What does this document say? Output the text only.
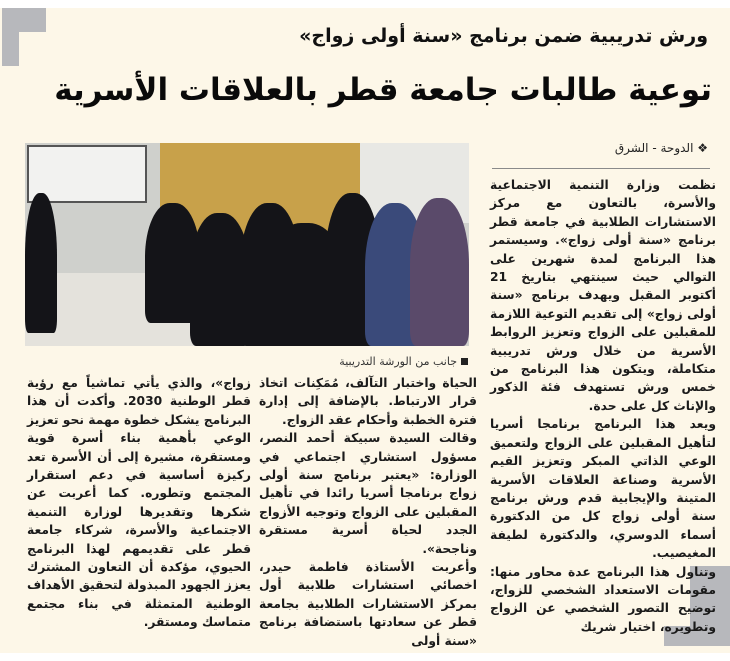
ورش تدريبية ضمن برنامج «سنة أولى زواج»
توعية طالبات جامعة قطر بالعلاقات الأسرية
❖ الدوحة - الشرق
جانب من الورشة التدريبية

نظمت وزارة التنمية الاجتماعية والأسرة، بالتعاون مع مركز الاستشارات الطلابية في جامعة قطر برنامج «سنة أولى زواج». وسيستمر هذا البرنامج لمدة شهرين على التوالي حيث سينتهي بتاريخ 21 أكتوبر المقبل ويهدف برنامج «سنة أولى زواج» إلى تقديم التوعية اللازمة للمقبلين على الزواج وتعزيز الروابط الأسرية من خلال ورش تدريبية متكاملة، ويتكون هذا البرنامج من خمس ورش تستهدف فئة الذكور والإناث كل على حدة.

ويعد هذا البرنامج برنامجا أسريا لتأهيل المقبلين على الزواج ولتعميق الوعي الذاتي المبكر وتعزيز القيم الأسرية وصناعة العلاقات الأسرية المتينة والإيجابية قدم ورش برنامج سنة أولى زواج كل من الدكتورة أسماء الدوسري، والدكتورة لطيفة المغيصيب.

وتناول هذا البرنامج عدة محاور منها: مقومات الاستعداد الشخصي للزواج، توضيح التصور الشخصي عن الزواج وتطويره، اختيار شريك

الحياة واختبار التآلف، مُمَكِنات اتخاذ قرار الارتباط. بالإضافة إلى إدارة فترة الخطبة وأحكام عقد الزواج.

وقالت السيدة سبيكة أحمد النصر، مسؤول استشاري اجتماعي في الوزارة: «يعتبر برنامج سنة أولى زواج برنامجا أسريا رائدا في تأهيل المقبلين على الزواج وتوجيه الأزواج الجدد لحياة أسرية مستقرة وناجحة».

وأعربت الأستاذة فاطمة حيدر، اخصائي استشارات طلابية أول بمركز الاستشارات الطلابية بجامعة قطر عن سعادتها باستضافة برنامج «سنة أولى

زواج»، والذي يأتي تماشياً مع رؤية قطر الوطنية 2030. وأكدت أن هذا البرنامج يشكل خطوة مهمة نحو تعزيز الوعي بأهمية بناء أسرة قوية ومستقرة، مشيرة إلى أن الأسرة تعد ركيزة أساسية في دعم استقرار المجتمع وتطوره. كما أعربت عن شكرها وتقديرها لوزارة التنمية الاجتماعية والأسرة، شركاء جامعة قطر على تقديمهم لهذا البرنامج الحيوي، مؤكدة أن التعاون المشترك يعزز الجهود المبذولة لتحقيق الأهداف الوطنية المتمثلة في بناء مجتمع متماسك ومستقر.
